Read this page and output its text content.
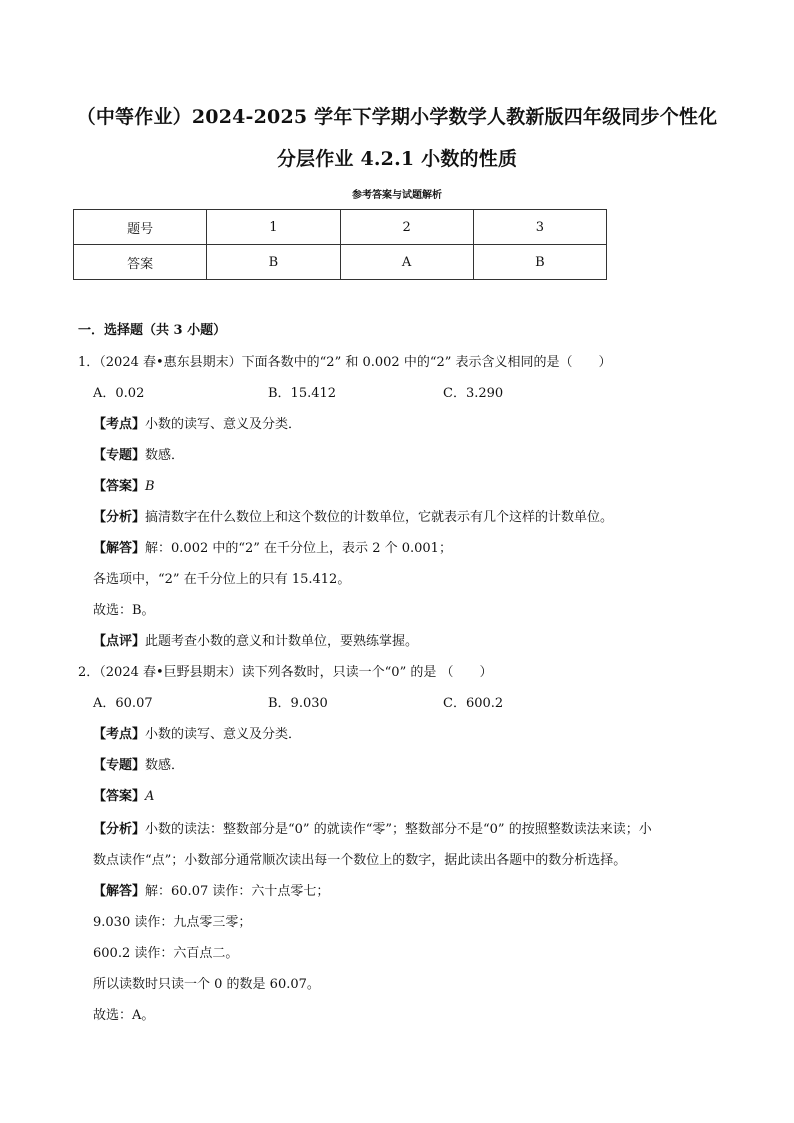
（中等作业）2024-2025 学年下学期小学数学人教新版四年级同步个性化
分层作业 4.2.1 小数的性质
参考答案与试题解析
题号	1	2	3
答案	B	A	B
一．选择题（共 3 小题）
1．（2024 春•惠东县期末）下面各数中的“2” 和 0.002 中的“2” 表示含义相同的是（　　）
A．0.02	B．15.412	C．3.290
【考点】小数的读写、意义及分类．
【专题】数感．
【答案】B
【分析】搞清数字在什么数位上和这个数位的计数单位，它就表示有几个这样的计数单位。
【解答】解：0.002 中的“2” 在千分位上，表示 2 个 0.001；
各选项中，“2” 在千分位上的只有 15.412。
故选：B。
【点评】此题考查小数的意义和计数单位，要熟练掌握。
2．（2024 春•巨野县期末）读下列各数时，只读一个“0” 的是 （　　）
A．60.07	B．9.030	C．600.2
【考点】小数的读写、意义及分类．
【专题】数感．
【答案】A
【分析】小数的读法：整数部分是“0” 的就读作“零”；整数部分不是“0” 的按照整数读法来读；小
数点读作“点”；小数部分通常顺次读出每一个数位上的数字，据此读出各题中的数分析选择。
【解答】解：60.07 读作：六十点零七；
9.030 读作：九点零三零；
600.2 读作：六百点二。
所以读数时只读一个 0 的数是 60.07。
故选：A。
